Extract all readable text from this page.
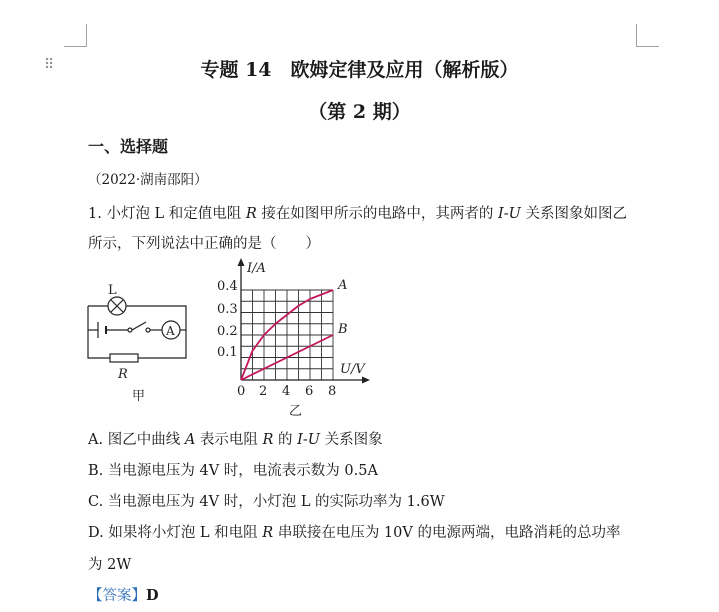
⠿	专题 14　欧姆定律及应用（解析版）
（第 2 期）
一、选择题
（2022·湖南邵阳）
1. 小灯泡 L 和定值电阻 R 接在如图甲所示的电路中，其两者的 I-U 关系图象如图乙
所示，下列说法中正确的是（　　）
L
A
R
甲
I/A
U/V
0 2 4 6 8
0.1
0.2
0.3
0.4	A
B
乙
A. 图乙中曲线 A 表示电阻 R 的 I-U 关系图象
B. 当电源电压为 4V 时，电流表示数为 0.5A
C. 当电源电压为 4V 时，小灯泡 L 的实际功率为 1.6W
D. 如果将小灯泡 L 和电阻 R 串联接在电压为 10V 的电源两端，电路消耗的总功率
为 2W
【答案】D
